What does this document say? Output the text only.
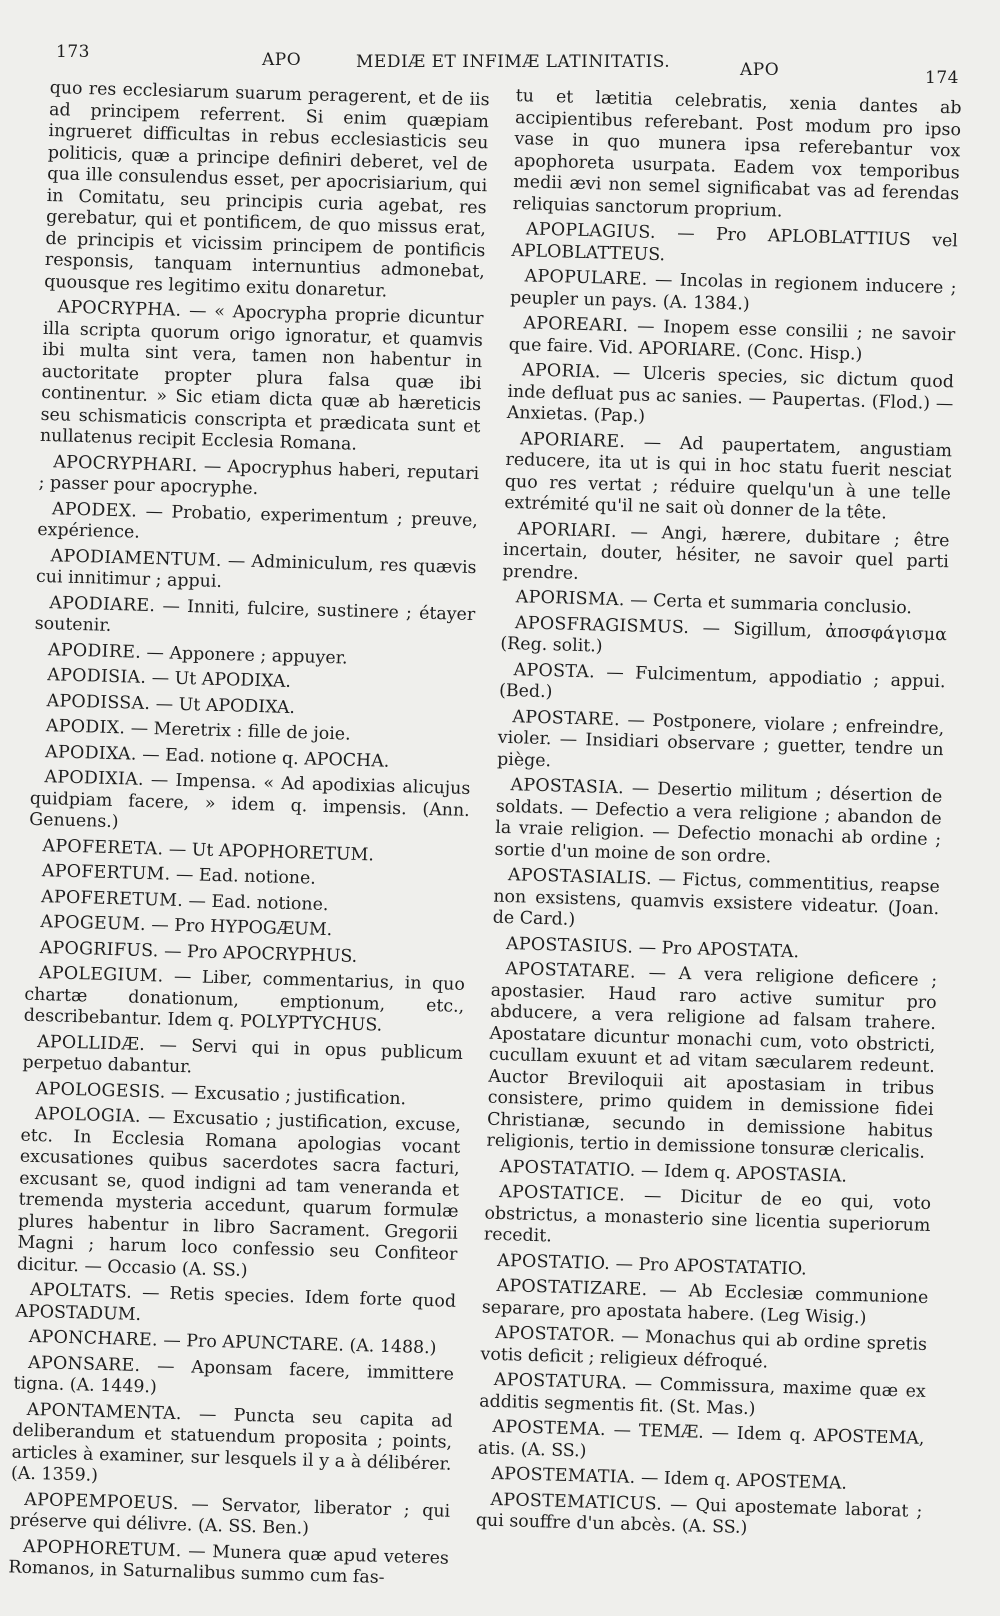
173	APO	MEDIÆ ET INFIMÆ LATINITATIS.	APO	174

quo res ecclesiarum suarum peragerent, et de iis ad principem referrent. Si enim quæpiam ingrueret difficultas in rebus ecclesiasticis seu politicis, quæ a principe definiri deberet, vel de qua ille consulendus esset, per apocrisiarium, qui in Comitatu, seu principis curia agebat, res gerebatur, qui et pontificem, de quo missus erat, de principis et vicissim principem de pontificis responsis, tanquam internuntius admonebat, quousque res legitimo exitu donaretur.

APOCRYPHA. — « Apocrypha proprie dicuntur illa scripta quorum origo ignoratur, et quamvis ibi multa sint vera, tamen non habentur in auctoritate propter plura falsa quæ ibi continentur. » Sic etiam dicta quæ ab hæreticis seu schismaticis conscripta et prædicata sunt et nullatenus recipit Ecclesia Romana.

APOCRYPHARI. — Apocryphus haberi, reputari ; passer pour apocryphe.

APODEX. — Probatio, experimentum ; preuve, expérience.

APODIAMENTUM. — Adminiculum, res quævis cui innitimur ; appui.

APODIARE. — Inniti, fulcire, sustinere ; étayer soutenir.

APODIRE. — Apponere ; appuyer.

APODISIA. — Ut APODIXA.

APODISSA. — Ut APODIXA.

APODIX. — Meretrix : fille de joie.

APODIXA. — Ead. notione q. APOCHA.

APODIXIA. — Impensa. « Ad apodixias alicujus quidpiam facere, » idem q. impensis. (Ann. Genuens.)

APOFERETA. — Ut APOPHORETUM.

APOFERTUM. — Ead. notione.

APOFERETUM. — Ead. notione.

APOGEUM. — Pro HYPOGÆUM.

APOGRIFUS. — Pro APOCRYPHUS.

APOLEGIUM. — Liber, commentarius, in quo chartæ donationum, emptionum, etc., describebantur. Idem q. POLYPTYCHUS.

APOLLIDÆ. — Servi qui in opus publicum perpetuo dabantur.

APOLOGESIS. — Excusatio ; justification.

APOLOGIA. — Excusatio ; justification, excuse, etc. In Ecclesia Romana apologias vocant excusationes quibus sacerdotes sacra facturi, excusant se, quod indigni ad tam veneranda et tremenda mysteria accedunt, quarum formulæ plures habentur in libro Sacrament. Gregorii Magni ; harum loco confessio seu Confiteor dicitur. — Occasio (A. SS.)

APOLTATS. — Retis species. Idem forte quod APOSTADUM.

APONCHARE. — Pro APUNCTARE. (A. 1488.)

APONSARE. — Aponsam facere, immittere tigna. (A. 1449.)

APONTAMENTA. — Puncta seu capita ad deliberandum et statuendum proposita ; points, articles à examiner, sur lesquels il y a à délibérer. (A. 1359.)

APOPEMPOEUS. — Servator, liberator ; qui préserve qui délivre. (A. SS. Ben.)

APOPHORETUM. — Munera quæ apud veteres Romanos, in Saturnalibus summo cum fas-

tu et lætitia celebratis, xenia dantes ab accipientibus referebant. Post modum pro ipso vase in quo munera ipsa referebantur vox apophoreta usurpata. Eadem vox temporibus medii ævi non semel significabat vas ad ferendas reliquias sanctorum proprium.

APOPLAGIUS. — Pro APLOBLATTIUS vel APLOBLATTEUS.

APOPULARE. — Incolas in regionem inducere ; peupler un pays. (A. 1384.)

APOREARI. — Inopem esse consilii ; ne savoir que faire. Vid. APORIARE. (Conc. Hisp.)

APORIA. — Ulceris species, sic dictum quod inde defluat pus ac sanies. — Paupertas. (Flod.) — Anxietas. (Pap.)

APORIARE. — Ad paupertatem, angustiam reducere, ita ut is qui in hoc statu fuerit nesciat quo res vertat ; réduire quelqu'un à une telle extrémité qu'il ne sait où donner de la tête.

APORIARI. — Angi, hærere, dubitare ; être incertain, douter, hésiter, ne savoir quel parti prendre.

APORISMA. — Certa et summaria conclusio.

APOSFRAGISMUS. — Sigillum, ἀποσφάγισμα (Reg. solit.)

APOSTA. — Fulcimentum, appodiatio ; appui. (Bed.)

APOSTARE. — Postponere, violare ; enfreindre, violer. — Insidiari observare ; guetter, tendre un piège.

APOSTASIA. — Desertio militum ; désertion de soldats. — Defectio a vera religione ; abandon de la vraie religion. — Defectio monachi ab ordine ; sortie d'un moine de son ordre.

APOSTASIALIS. — Fictus, commentitius, reapse non exsistens, quamvis exsistere videatur. (Joan. de Card.)

APOSTASIUS. — Pro APOSTATA.

APOSTATARE. — A vera religione deficere ; apostasier. Haud raro active sumitur pro abducere, a vera religione ad falsam trahere. Apostatare dicuntur monachi cum, voto obstricti, cucullam exuunt et ad vitam sæcularem redeunt. Auctor Breviloquii ait apostasiam in tribus consistere, primo quidem in demissione fidei Christianæ, secundo in demissione habitus religionis, tertio in demissione tonsuræ clericalis.

APOSTATATIO. — Idem q. APOSTASIA.

APOSTATICE. — Dicitur de eo qui, voto obstrictus, a monasterio sine licentia superiorum recedit.

APOSTATIO. — Pro APOSTATATIO.

APOSTATIZARE. — Ab Ecclesiæ communione separare, pro apostata habere. (Leg Wisig.)

APOSTATOR. — Monachus qui ab ordine spretis votis deficit ; religieux défroqué.

APOSTATURA. — Commissura, maxime quæ ex additis segmentis fit. (St. Mas.)

APOSTEMA. — TEMÆ. — Idem q. APOSTEMA, atis. (A. SS.)

APOSTEMATIA. — Idem q. APOSTEMA.

APOSTEMATICUS. — Qui apostemate laborat ; qui souffre d'un abcès. (A. SS.)
